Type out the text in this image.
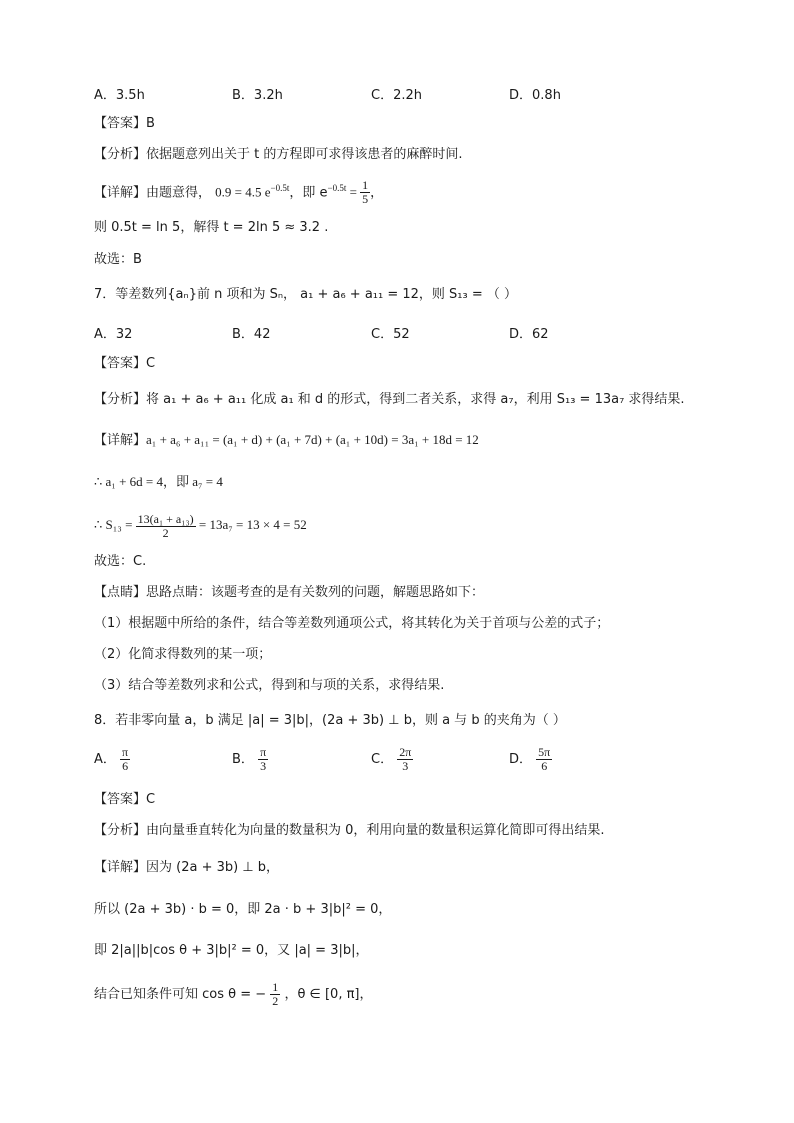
A．3.5h	B．3.2h	C．2.2h	D．0.8h
【答案】B
【分析】依据题意列出关于 t 的方程即可求得该患者的麻醉时间.
【详解】由题意得， 0.9 = 4.5 $e^{-0.5t}$，即 $e^{-0.5t} = \frac{1}{5}$ ，
则 0.5t = ln 5，解得 t = 2ln 5 ≈ 3.2 .
故选：B
7．等差数列{aₙ}前 n 项和为 Sₙ， a₁ + a₆ + a₁₁ = 12，则 S₁₃ = （ ）
A．32	B．42	C．52	D．62
【答案】C
【分析】将 a₁ + a₆ + a₁₁ 化成 a₁ 和 d 的形式，得到二者关系，求得 a₇，利用 S₁₃ = 13a₇ 求得结果.
【详解】a₁ + a₆ + a₁₁ = (a₁ + d) + (a₁ + 7d) + (a₁ + 10d) = 3a₁ + 18d = 12
∴ a₁ + 6d = 4，即 a₇ = 4
∴ $S_{13} = \frac{\text{13(a₁ + a₁₃)}}{2} = 13a_7 = 13 \times 4 = 52$
故选：C.
【点睛】思路点睛：该题考查的是有关数列的问题，解题思路如下：
（1）根据题中所给的条件，结合等差数列通项公式，将其转化为关于首项与公差的式子；
（2）化简求得数列的某一项；
（3）结合等差数列求和公式，得到和与项的关系，求得结果.
8．若非零向量 a，b 满足 |a| = 3|b|，(2a + 3b) ⊥ b，则 a 与 b 的夹角为（ ）
A． $\frac{\pi}{6}$	B． $\frac{\pi}{3}$	C． $\frac{2\pi}{3}$	D． $\frac{5\pi}{6}$
【答案】C
【分析】由向量垂直转化为向量的数量积为 0，利用向量的数量积运算化简即可得出结果.
【详解】因为 (2a + 3b) ⊥ b，
所以 (2a + 3b) · b = 0，即 2a · b + 3|b|² = 0，
即 2|a||b|cos θ + 3|b|² = 0，又 |a| = 3|b|，
结合已知条件可知 cos θ = − $\frac{1}{2}$ ，θ ∈ [0, π]，
